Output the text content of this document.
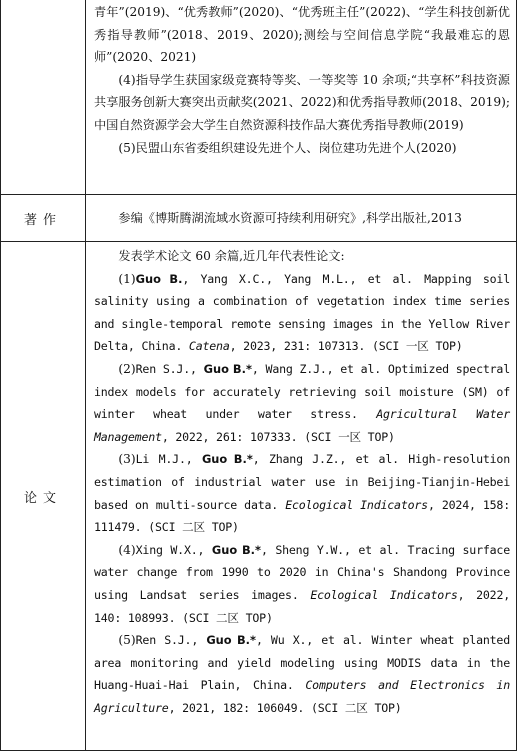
青年”(2019)、“优秀教师”(2020)、“优秀班主任”(2022)、“学生科技创新优秀指导教师”(2018、2019、2020);测绘与空间信息学院“我最难忘的恩师”(2020、2021)

(4)指导学生获国家级竞赛特等奖、一等奖等 10 余项;“共享杯”科技资源共享服务创新大赛突出贡献奖(2021、2022)和优秀指导教师(2018、2019);中国自然资源学会大学生自然资源科技作品大赛优秀指导教师(2019)

(5)民盟山东省委组织建设先进个人、岗位建功先进个人(2020)

著作	参编《博斯腾湖流域水资源可持续利用研究》,科学出版社,2013

论文

发表学术论文 60 余篇,近几年代表性论文:

(1)Guo B., Yang X.C., Yang M.L., et al. Mapping soil salinity using a combination of vegetation index time series and single-temporal remote sensing images in the Yellow River Delta, China. Catena, 2023, 231: 107313. (SCI 一区 TOP)

(2)Ren S.J., Guo B.*, Wang Z.J., et al. Optimized spectral index models for accurately retrieving soil moisture (SM) of winter wheat under water stress. Agricultural Water Management, 2022, 261: 107333. (SCI 一区 TOP)

(3)Li M.J., Guo B.*, Zhang J.Z., et al. High-resolution estimation of industrial water use in Beijing-Tianjin-Hebei based on multi-source data. Ecological Indicators, 2024, 158: 111479. (SCI 二区 TOP)

(4)Xing W.X., Guo B.*, Sheng Y.W., et al. Tracing surface water change from 1990 to 2020 in China's Shandong Province using Landsat series images. Ecological Indicators, 2022, 140: 108993. (SCI 二区 TOP)

(5)Ren S.J., Guo B.*, Wu X., et al. Winter wheat planted area monitoring and yield modeling using MODIS data in the Huang-Huai-Hai Plain, China. Computers and Electronics in Agriculture, 2021, 182: 106049. (SCI 二区 TOP)
